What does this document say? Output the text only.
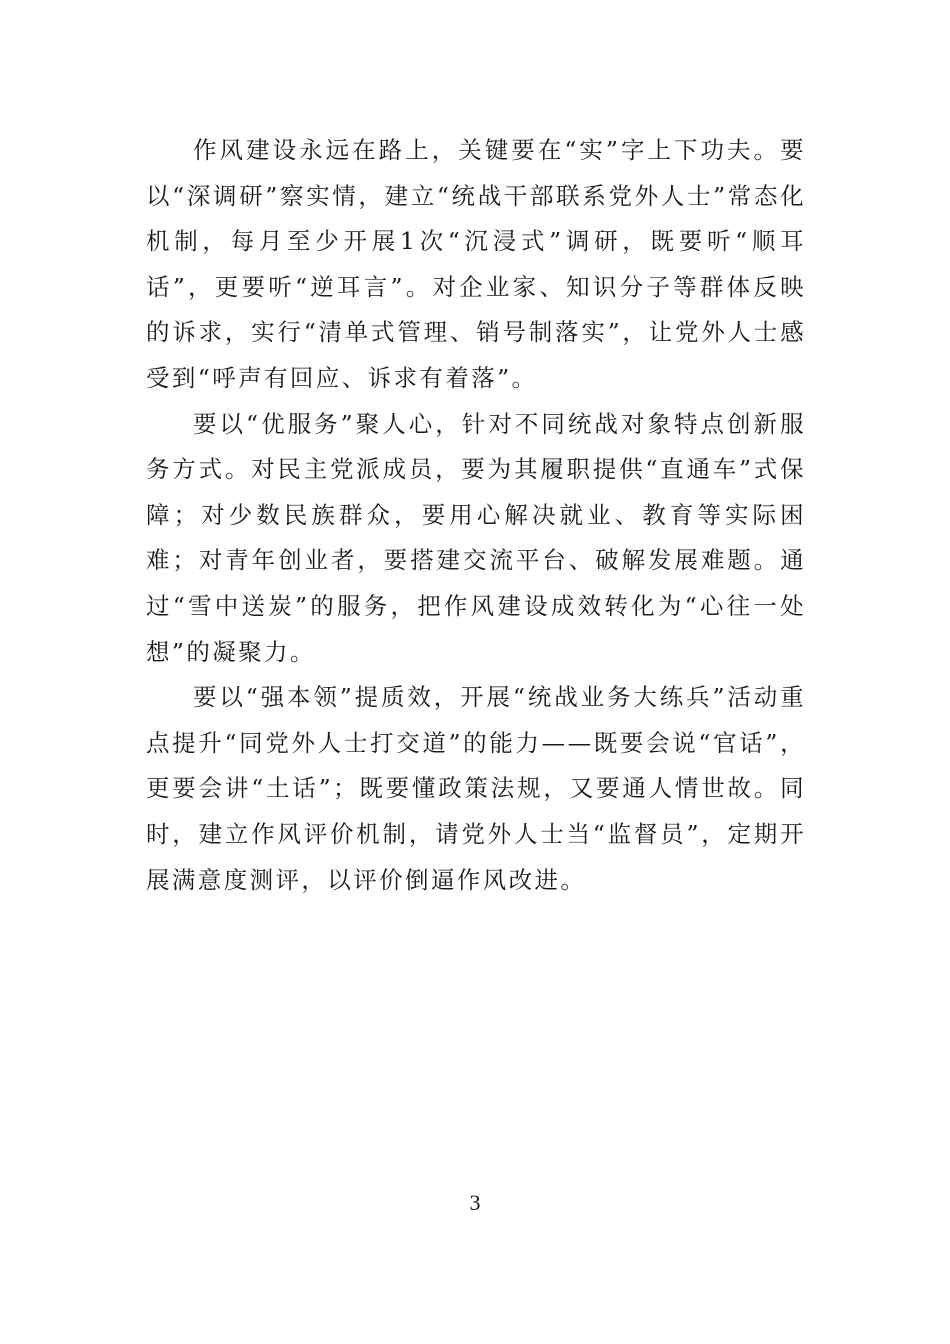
作风建设永远在路上，关键要在“实”字上下功夫。要以“深调研”察实情，建立“统战干部联系党外人士”常态化机制，每月至少开展1次“沉浸式”调研，既要听“顺耳话”，更要听“逆耳言”。对企业家、知识分子等群体反映的诉求，实行“清单式管理、销号制落实”，让党外人士感受到“呼声有回应、诉求有着落”。

要以“优服务”聚人心，针对不同统战对象特点创新服务方式。对民主党派成员，要为其履职提供“直通车”式保障；对少数民族群众，要用心解决就业、教育等实际困难；对青年创业者，要搭建交流平台、破解发展难题。通过“雪中送炭”的服务，把作风建设成效转化为“心往一处想”的凝聚力。

要以“强本领”提质效，开展“统战业务大练兵”活动重点提升“同党外人士打交道”的能力——既要会说“官话”，更要会讲“土话”；既要懂政策法规，又要通人情世故。同时，建立作风评价机制，请党外人士当“监督员”，定期开展满意度测评，以评价倒逼作风改进。

3
